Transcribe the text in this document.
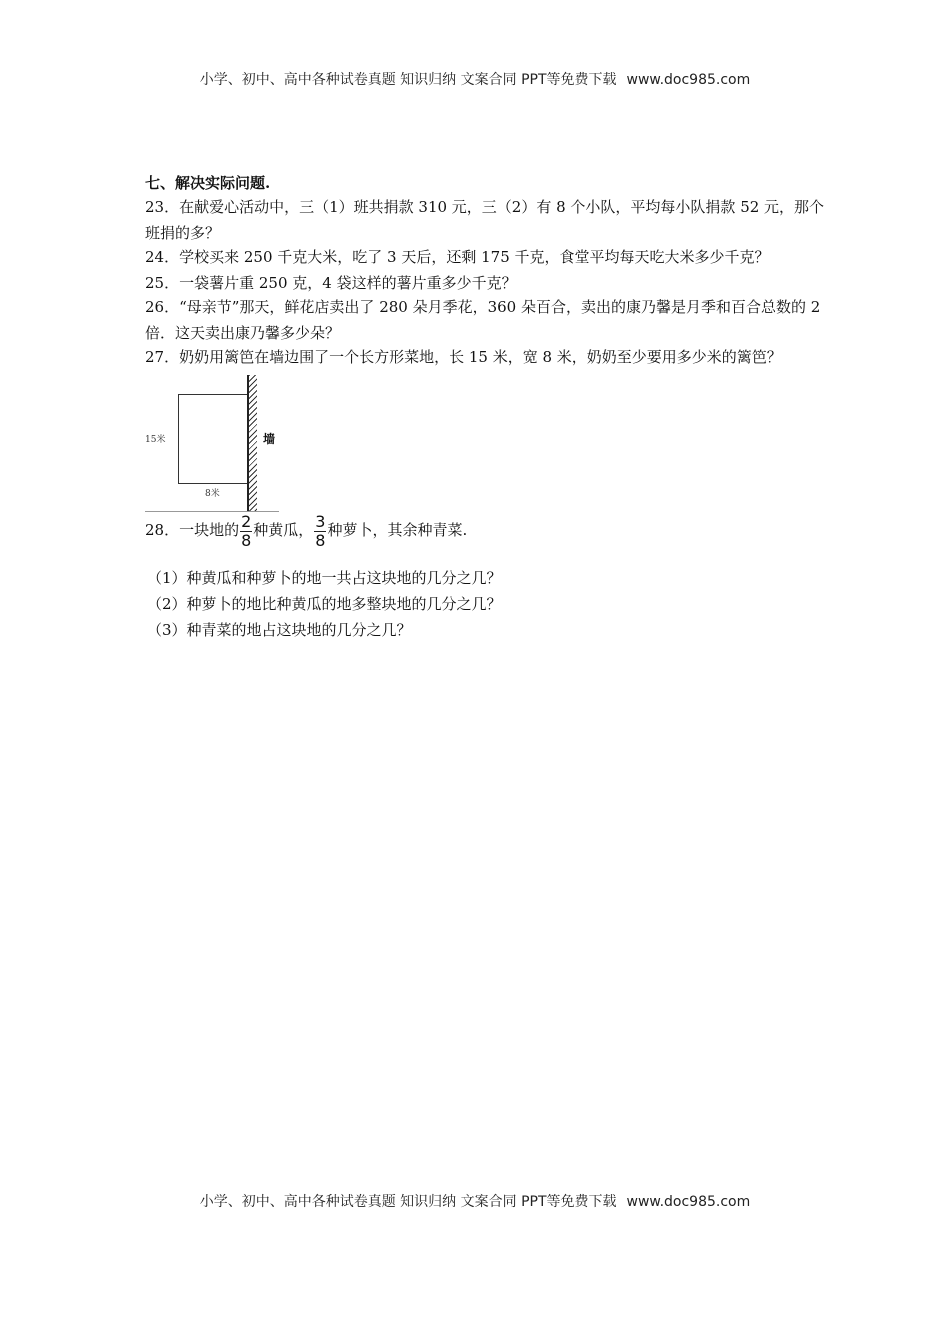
小学、初中、高中各种试卷真题 知识归纳 文案合同 PPT等免费下载 www.doc985.com
七、解决实际问题.
23．在献爱心活动中，三（1）班共捐款 310 元，三（2）有 8 个小队，平均每小队捐款 52 元，那个班捐的多？
24．学校买来 250 千克大米，吃了 3 天后，还剩 175 千克，食堂平均每天吃大米多少千克？
25．一袋薯片重 250 克，4 袋这样的薯片重多少千克？
26．“母亲节”那天，鲜花店卖出了 280 朵月季花，360 朵百合，卖出的康乃馨是月季和百合总数的 2 倍．这天卖出康乃馨多少朵？
27．奶奶用篱笆在墙边围了一个长方形菜地，长 15 米，宽 8 米，奶奶至少要用多少米的篱笆？
15米
8米
墙
28．一块地的 $\frac{2}{8}$ 种黄瓜， $\frac{3}{8}$ 种萝卜，其余种青菜.
（1）种黄瓜和种萝卜的地一共占这块地的几分之几？
（2）种萝卜的地比种黄瓜的地多整块地的几分之几？
（3）种青菜的地占这块地的几分之几？
小学、初中、高中各种试卷真题 知识归纳 文案合同 PPT等免费下载 www.doc985.com
